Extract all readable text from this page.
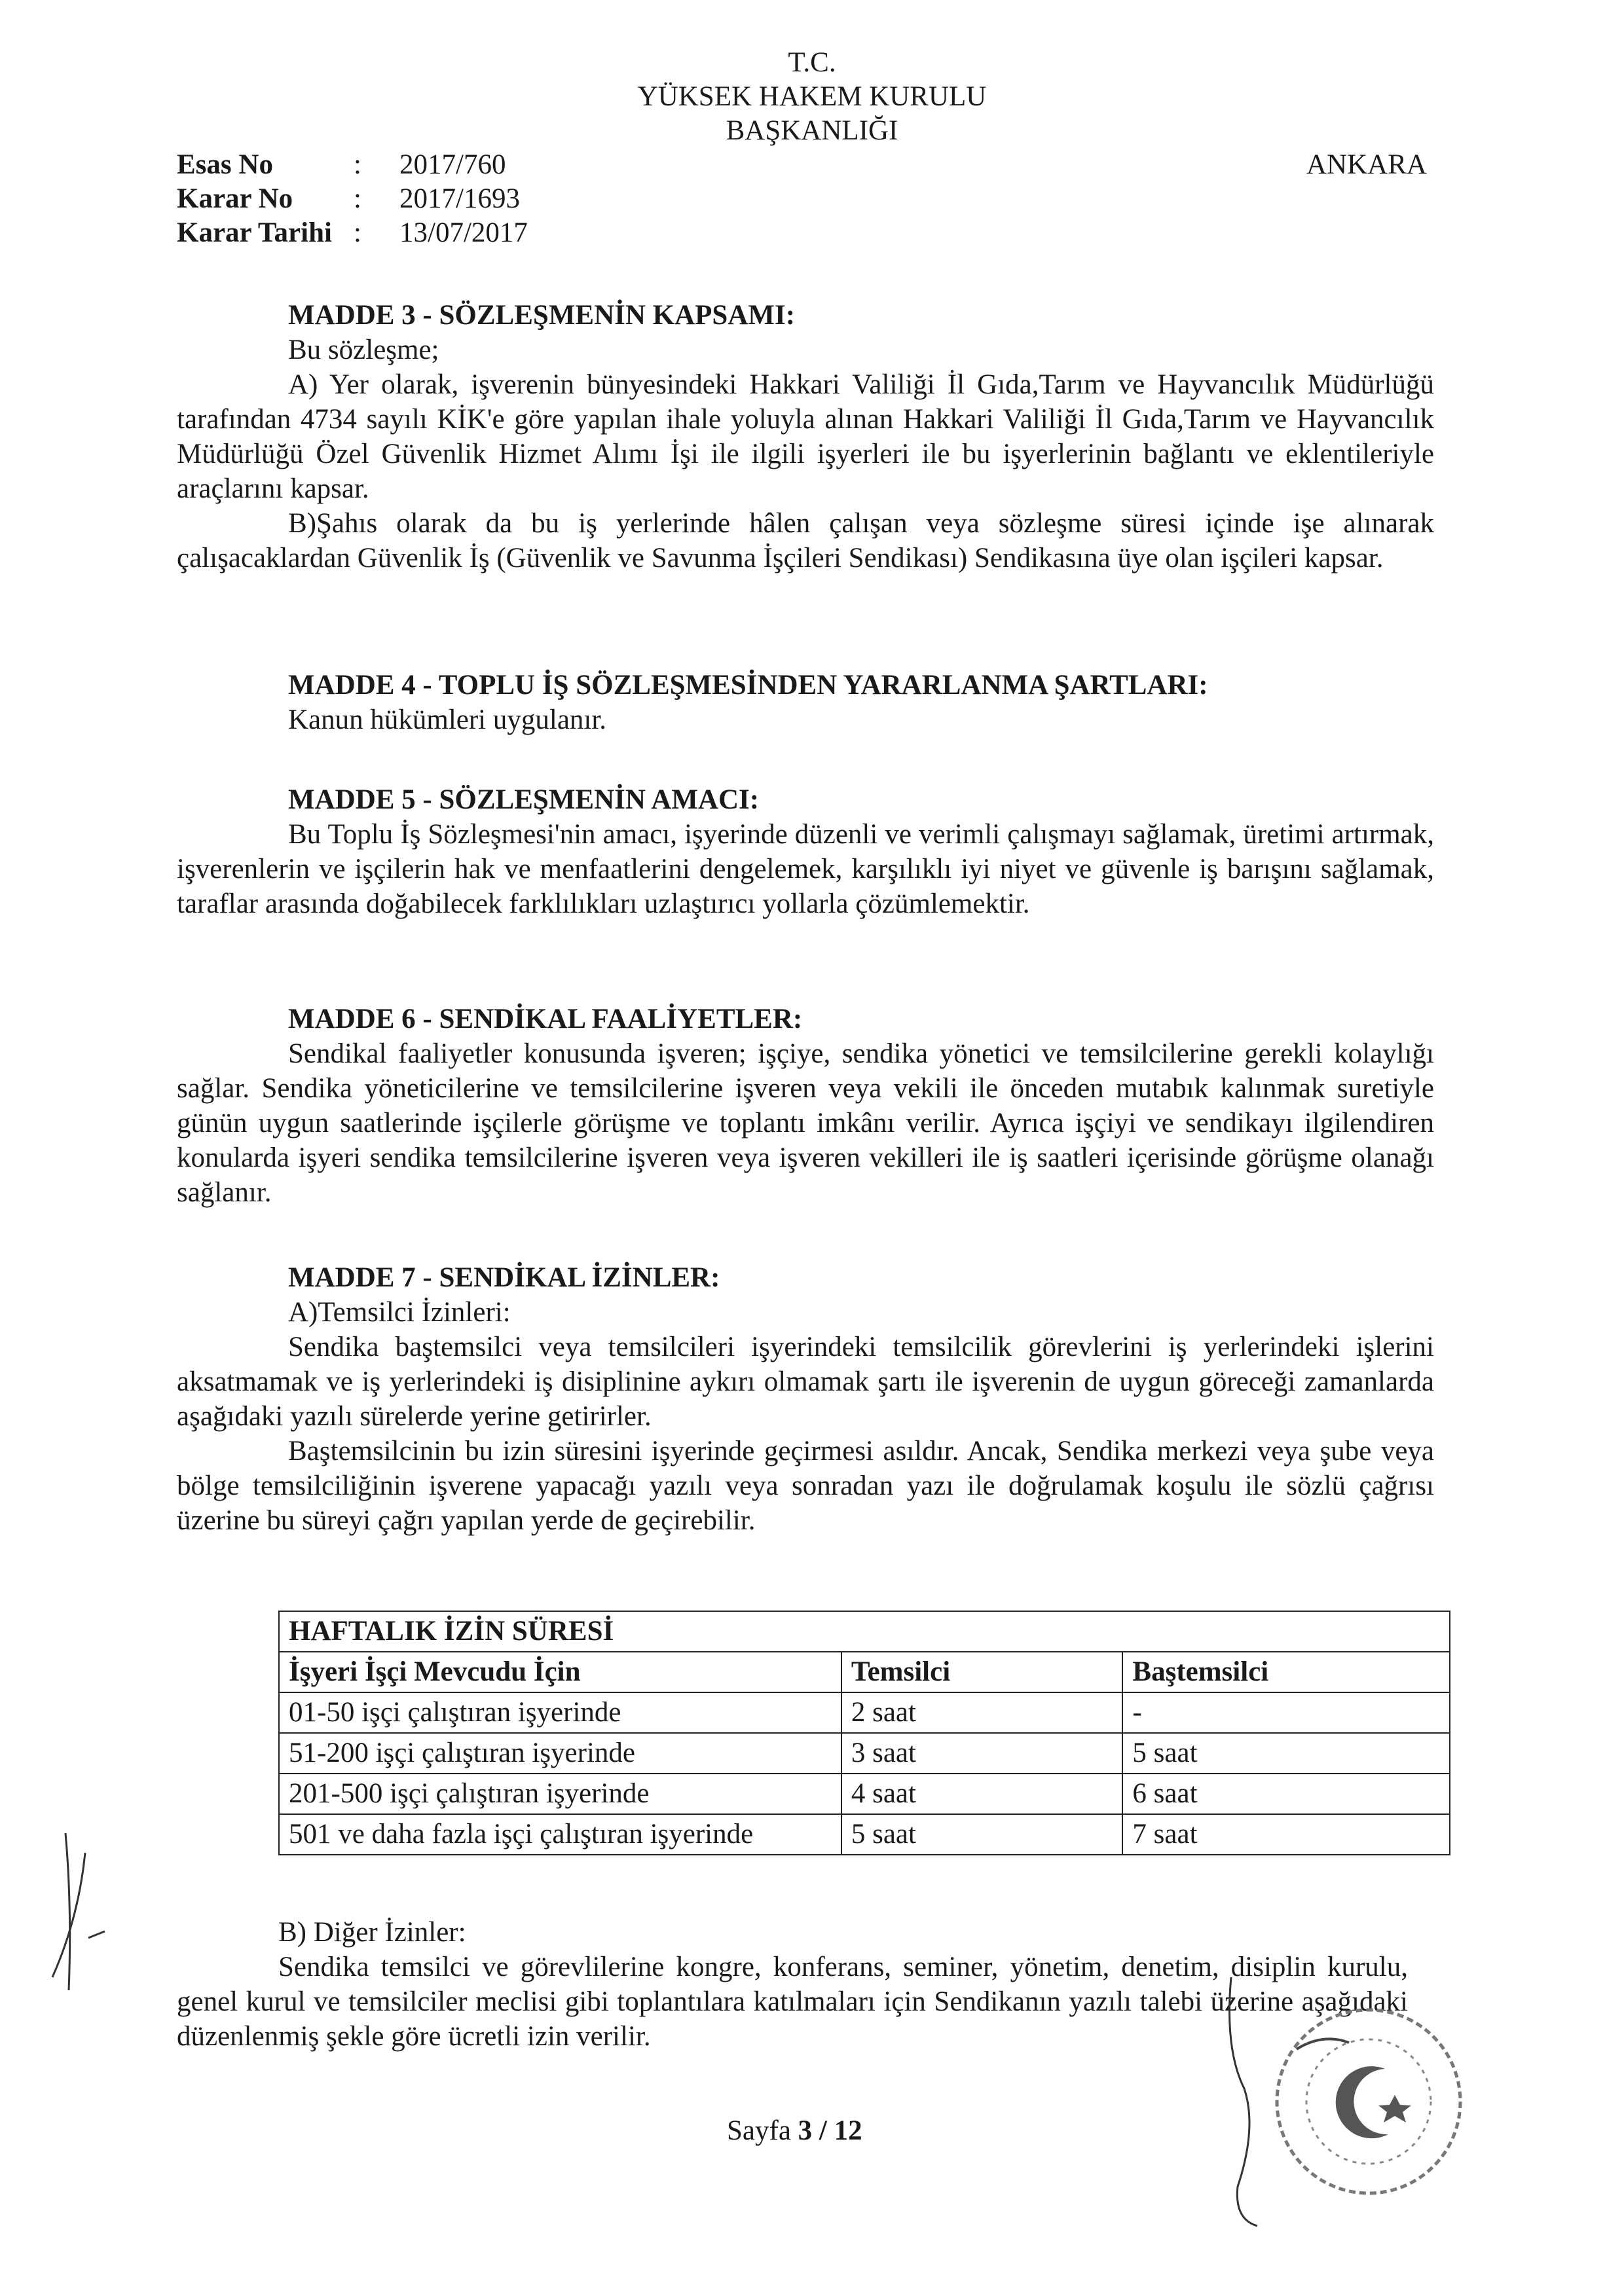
T.C.
YÜKSEK HAKEM KURULU
BAŞKANLIĞI
ANKARA
Esas No	: 2017/760
Karar No : 2017/1693
Karar Tarihi : 13/07/2017

MADDE 3 - SÖZLEŞMENİN KAPSAMI:

Bu sözleşme;

A) Yer olarak, işverenin bünyesindeki Hakkari Valiliği İl Gıda,Tarım ve Hayvancılık Müdürlüğü tarafından 4734 sayılı KİK'e göre yapılan ihale yoluyla alınan Hakkari Valiliği İl Gıda,Tarım ve Hayvancılık Müdürlüğü Özel Güvenlik Hizmet Alımı İşi ile ilgili işyerleri ile bu işyerlerinin bağlantı ve eklentileriyle araçlarını kapsar.

B)Şahıs olarak da bu iş yerlerinde hâlen çalışan veya sözleşme süresi içinde işe alınarak çalışacaklardan Güvenlik İş (Güvenlik ve Savunma İşçileri Sendikası) Sendikasına üye olan işçileri kapsar.

MADDE 4 - TOPLU İŞ SÖZLEŞMESİNDEN YARARLANMA ŞARTLARI:

Kanun hükümleri uygulanır.

MADDE 5 - SÖZLEŞMENİN AMACI:

Bu Toplu İş Sözleşmesi'nin amacı, işyerinde düzenli ve verimli çalışmayı sağlamak, üretimi artırmak, işverenlerin ve işçilerin hak ve menfaatlerini dengelemek, karşılıklı iyi niyet ve güvenle iş barışını sağlamak, taraflar arasında doğabilecek farklılıkları uzlaştırıcı yollarla çözümlemektir.

MADDE 6 - SENDİKAL FAALİYETLER:

Sendikal faaliyetler konusunda işveren; işçiye, sendika yönetici ve temsilcilerine gerekli kolaylığı sağlar. Sendika yöneticilerine ve temsilcilerine işveren veya vekili ile önceden mutabık kalınmak suretiyle günün uygun saatlerinde işçilerle görüşme ve toplantı imkânı verilir. Ayrıca işçiyi ve sendikayı ilgilendiren konularda işyeri sendika temsilcilerine işveren veya işveren vekilleri ile iş saatleri içerisinde görüşme olanağı sağlanır.

MADDE 7 - SENDİKAL İZİNLER:

A)Temsilci İzinleri:

Sendika baştemsilci veya temsilcileri işyerindeki temsilcilik görevlerini iş yerlerindeki işlerini aksatmamak ve iş yerlerindeki iş disiplinine aykırı olmamak şartı ile işverenin de uygun göreceği zamanlarda aşağıdaki yazılı sürelerde yerine getirirler.

Baştemsilcinin bu izin süresini işyerinde geçirmesi asıldır. Ancak, Sendika merkezi veya şube veya bölge temsilciliğinin işverene yapacağı yazılı veya sonradan yazı ile doğrulamak koşulu ile sözlü çağrısı üzerine bu süreyi çağrı yapılan yerde de geçirebilir.

HAFTALIK İZİN SÜRESİ		
İşyeri İşçi Mevcudu İçin	Temsilci	Baştemsilci
01-50 işçi çalıştıran işyerinde	2 saat	-
51-200 işçi çalıştıran işyerinde	3 saat	5 saat
201-500 işçi çalıştıran işyerinde	4 saat	6 saat
501 ve daha fazla işçi çalıştıran işyerinde	5 saat	7 saat

B) Diğer İzinler:

Sendika temsilci ve görevlilerine kongre, konferans, seminer, yönetim, denetim, disiplin kurulu, genel kurul ve temsilciler meclisi gibi toplantılara katılmaları için Sendikanın yazılı talebi üzerine aşağıdaki düzenlenmiş şekle göre ücretli izin verilir.

Sayfa 3 / 12
